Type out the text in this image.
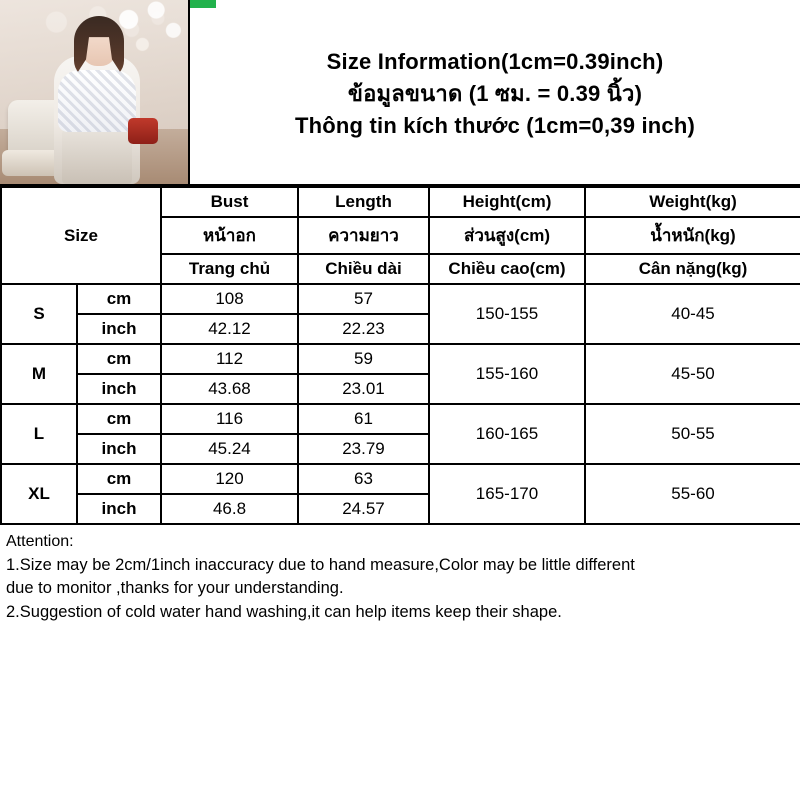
Size Information(1cm=0.39inch)
ข้อมูลขนาด (1 ซม. = 0.39 นิ้ว)
Thông tin kích thước (1cm=0,39 inch)
Size		Bust	Length	Height(cm)	Weight(kg)
		หน้าอก	ความยาว	ส่วนสูง(cm)	น้ำหนัก(kg)
		Trang chủ	Chiều dài	Chiều cao(cm)	Cân nặng(kg)
S	cm	108	57	150-155	40-45
	inch	42.12	22.23		
M	cm	112	59	155-160	45-50
	inch	43.68	23.01		
L	cm	116	61	160-165	50-55
	inch	45.24	23.79		
XL	cm	120	63	165-170	55-60
	inch	46.8	24.57		
Attention:
1.Size may be 2cm/1inch inaccuracy due to hand measure,Color may be little different
due to monitor ,thanks for your understanding.
2.Suggestion of cold water hand washing,it can help items keep their shape.
